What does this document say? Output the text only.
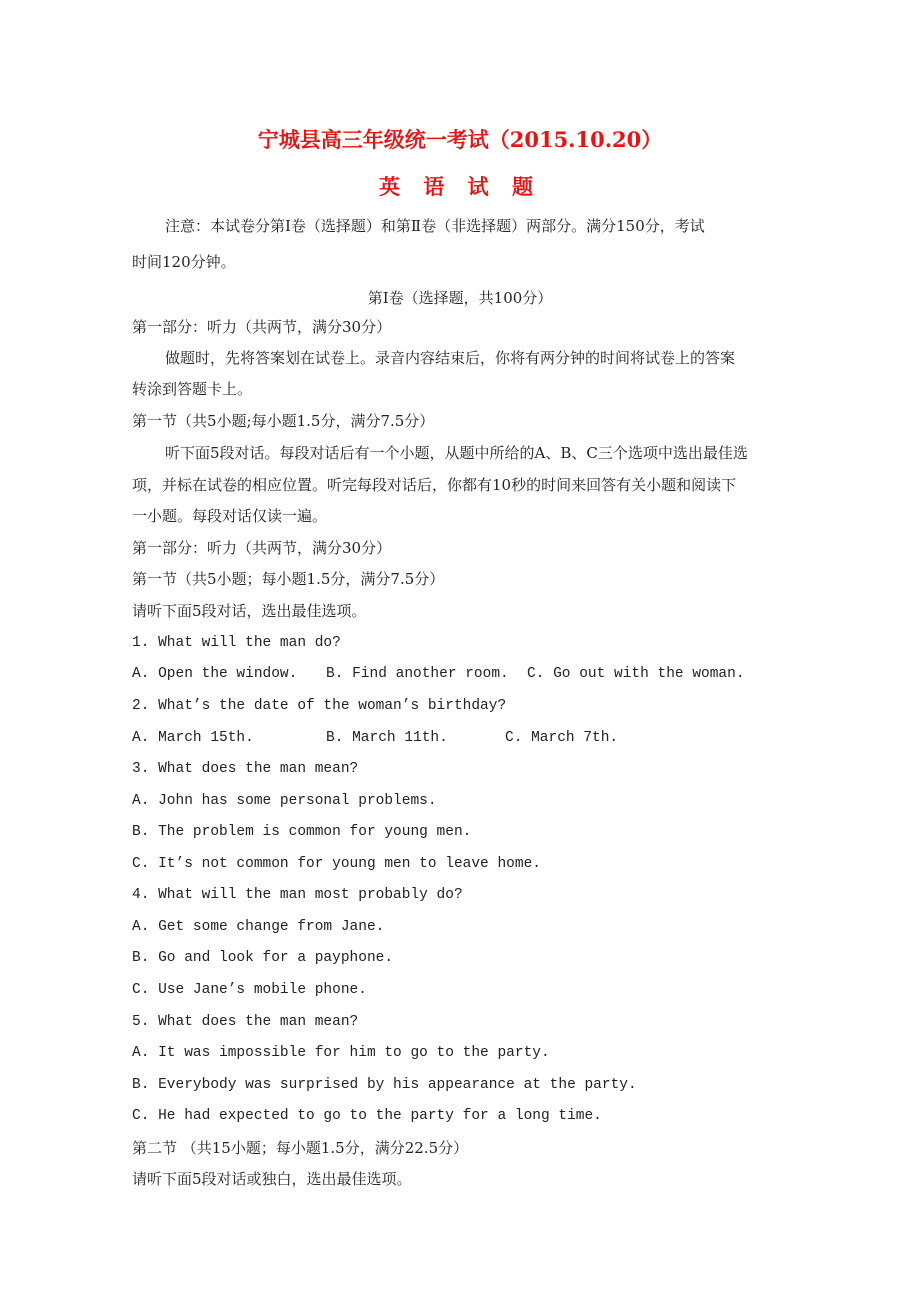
宁城县高三年级统一考试（2015.10.20）
英 语 试 题
注意：本试卷分第Ⅰ卷（选择题）和第Ⅱ卷（非选择题）两部分。满分150分，考试
时间120分钟。
第Ⅰ卷（选择题，共100分）
第一部分：听力（共两节，满分30分）
做题时，先将答案划在试卷上。录音内容结束后，你将有两分钟的时间将试卷上的答案
转涂到答题卡上。
第一节（共5小题;每小题1.5分，满分7.5分）
听下面5段对话。每段对话后有一个小题，从题中所给的A、B、C三个选项中选出最佳选
项，并标在试卷的相应位置。听完每段对话后，你都有10秒的时间来回答有关小题和阅读下
一小题。每段对话仅读一遍。
第一部分：听力（共两节，满分30分）
第一节（共5小题；每小题1.5分，满分7.5分）
请听下面5段对话，选出最佳选项。
1. What will the man do?

A. Open the window.

B. Find another room.

C. Go out with the woman.

2. What’s the date of the woman’s birthday?

A. March 15th.

	B. March 11th.

	C. March 7th.

3. What does the man mean?
A. John has some personal problems.
B. The problem is common for young men.
C. It’s not common for young men to leave home.
4. What will the man most probably do?
A. Get some change from Jane.
B. Go and look for a payphone.
C. Use Jane’s mobile phone.
5. What does the man mean?
A. It was impossible for him to go to the party.
B. Everybody was surprised by his appearance at the party.
C. He had expected to go to the party for a long time.
第二节 （共15小题；每小题1.5分，满分22.5分）
请听下面5段对话或独白，选出最佳选项。
